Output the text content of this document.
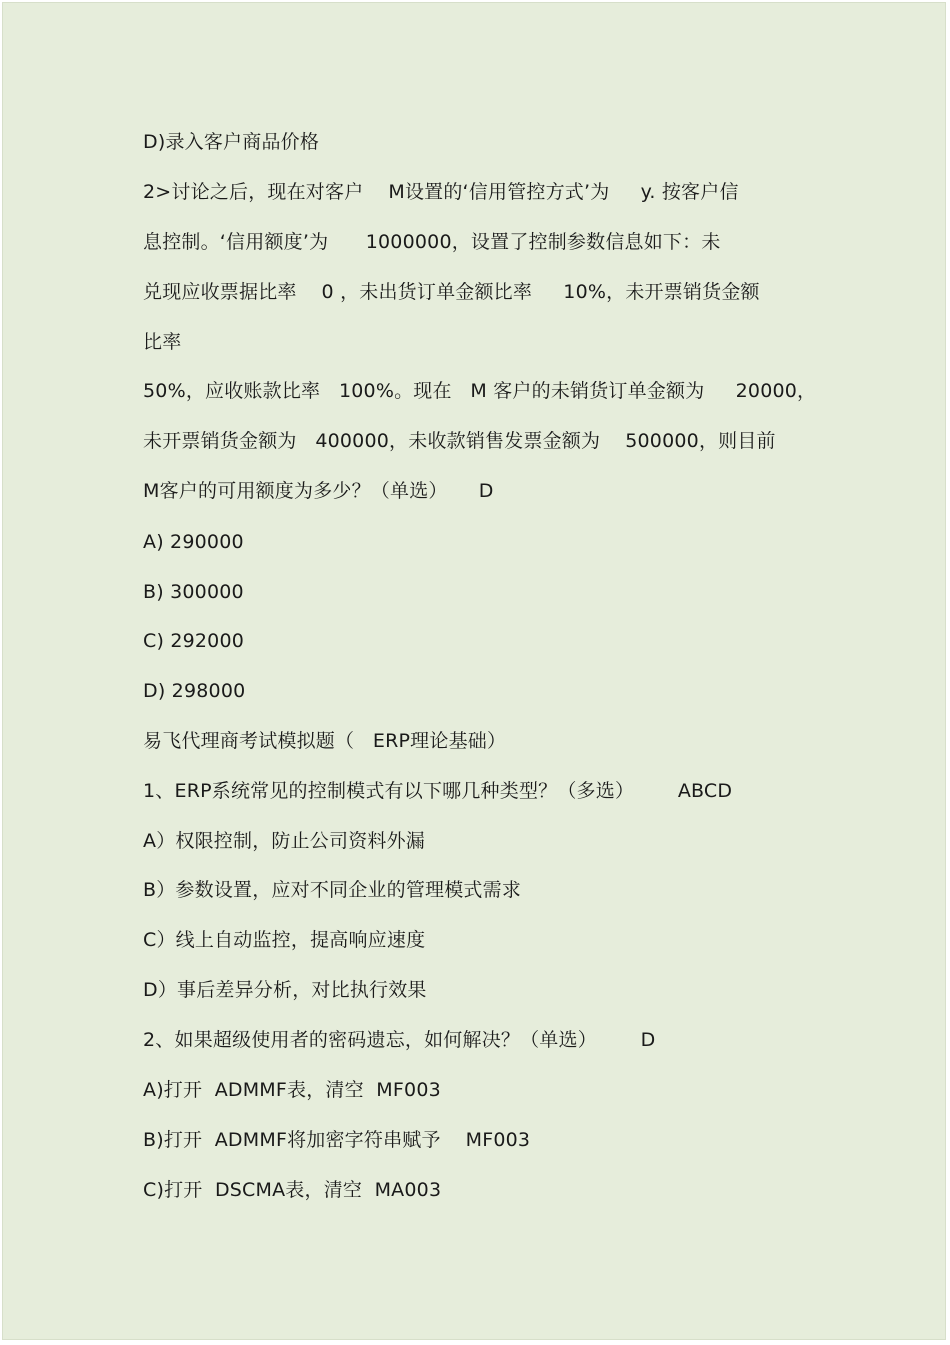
D)录入客户商品价格
2>讨论之后，现在对客户    M设置的‘信用管控方式’为     y. 按客户信
息控制。‘信用额度’为      1000000，设置了控制参数信息如下：未
兑现应收票据比率    0 ，未出货订单金额比率     10%，未开票销货金额
比率
50%，应收账款比率   100%。现在   M 客户的未销货订单金额为     20000，
未开票销货金额为   400000，未收款销售发票金额为    500000，则目前
M客户的可用额度为多少？（单选）     D
A) 290000
B) 300000
C) 292000
D) 298000
易飞代理商考试模拟题（   ERP理论基础）
1、ERP系统常见的控制模式有以下哪几种类型？（多选）       ABCD
A）权限控制，防止公司资料外漏
B）参数设置，应对不同企业的管理模式需求
C）线上自动监控，提高响应速度
D）事后差异分析，对比执行效果
2、如果超级使用者的密码遗忘，如何解决？（单选）       D
A)打开  ADMMF表，清空  MF003
B)打开  ADMMF将加密字符串赋予    MF003
C)打开  DSCMA表，清空  MA003
